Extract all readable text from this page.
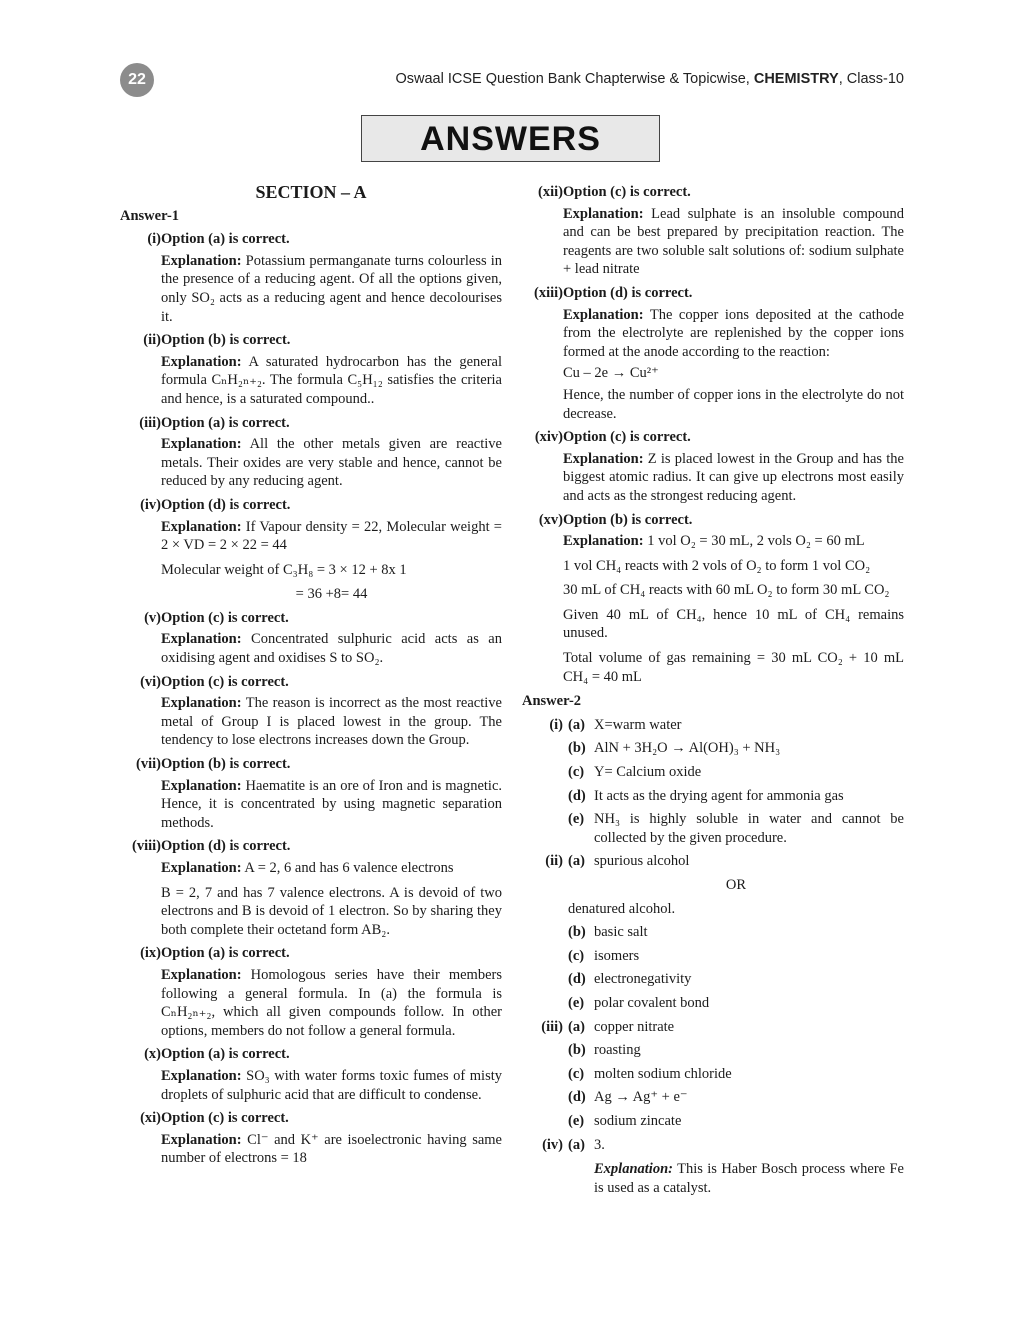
22	Oswaal ICSE Question Bank Chapterwise & Topicwise, CHEMISTRY, Class-10
ANSWERS
SECTION – A
Answer-1
(i) Option (a) is correct.
Explanation: Potassium permanganate turns colourless in the presence of a reducing agent. Of all the options given, only SO₂ acts as a reducing agent and hence decolourises it.
(ii) Option (b) is correct.
Explanation: A saturated hydrocarbon has the general formula CₙH₂ₙ₊₂. The formula C₅H₁₂ satisfies the criteria and hence, is a saturated compound..
(iii) Option (a) is correct.
Explanation: All the other metals given are reactive metals. Their oxides are very stable and hence, cannot be reduced by any reducing agent.
(iv) Option (d) is correct.
Explanation: If Vapour density = 22, Molecular weight = 2 × VD = 2 × 22 = 44
Molecular weight of C₃H₈ = 3 × 12 + 8x 1
= 36 +8= 44
(v) Option (c) is correct.
Explanation: Concentrated sulphuric acid acts as an oxidising agent and oxidises S to SO₂.
(vi) Option (c) is correct.
Explanation: The reason is incorrect as the most reactive metal of Group I is placed lowest in the group. The tendency to lose electrons increases down the Group.
(vii) Option (b) is correct.
Explanation: Haematite is an ore of Iron and is magnetic. Hence, it is concentrated by using magnetic separation methods.
(viii) Option (d) is correct.
Explanation: A = 2, 6 and has 6 valence electrons
B = 2, 7 and has 7 valence electrons. A is devoid of two electrons and B is devoid of 1 electron. So by sharing they both complete their octetand form AB₂.
(ix) Option (a) is correct.
Explanation: Homologous series have their members following a general formula. In (a) the formula is CₙH₂ₙ₊₂, which all given compounds follow. In other options, members do not follow a general formula.
(x) Option (a) is correct.
Explanation: SO₃ with water forms toxic fumes of misty droplets of sulphuric acid that are difficult to condense.
(xi) Option (c) is correct.
Explanation: Cl⁻ and K⁺ are isoelectronic having same number of electrons = 18
(xii) Option (c) is correct.
Explanation: Lead sulphate is an insoluble compound and can be best prepared by precipitation reaction. The reagents are two soluble salt solutions of: sodium sulphate + lead nitrate
(xiii) Option (d) is correct.
Explanation: The copper ions deposited at the cathode from the electrolyte are replenished by the copper ions formed at the anode according to the reaction:
Cu – 2e → Cu²⁺
Hence, the number of copper ions in the electrolyte do not decrease.
(xiv) Option (c) is correct.
Explanation: Z is placed lowest in the Group and has the biggest atomic radius. It can give up electrons most easily and acts as the strongest reducing agent.
(xv) Option (b) is correct.
Explanation: 1 vol O₂ = 30 mL, 2 vols O₂ = 60 mL
1 vol CH₄ reacts with 2 vols of O₂ to form 1 vol CO₂
30 mL of CH₄ reacts with 60 mL O₂ to form 30 mL CO₂
Given 40 mL of CH₄, hence 10 mL of CH₄ remains unused.
Total volume of gas remaining = 30 mL CO₂ + 10 mL CH₄ = 40 mL
Answer-2
(i) (a) X=warm water
(b) AlN + 3H₂O → Al(OH)₃ + NH₃
(c) Y= Calcium oxide
(d) It acts as the drying agent for ammonia gas
(e) NH₃ is highly soluble in water and cannot be collected by the given procedure.
(ii) (a) spurious alcohol
OR
denatured alcohol.
(b) basic salt
(c) isomers
(d) electronegativity
(e) polar covalent bond
(iii) (a) copper nitrate
(b) roasting
(c) molten sodium chloride
(d) Ag → Ag⁺ + e⁻
(e) sodium zincate
(iv) (a) 3.
Explanation: This is Haber Bosch process where Fe is used as a catalyst.
